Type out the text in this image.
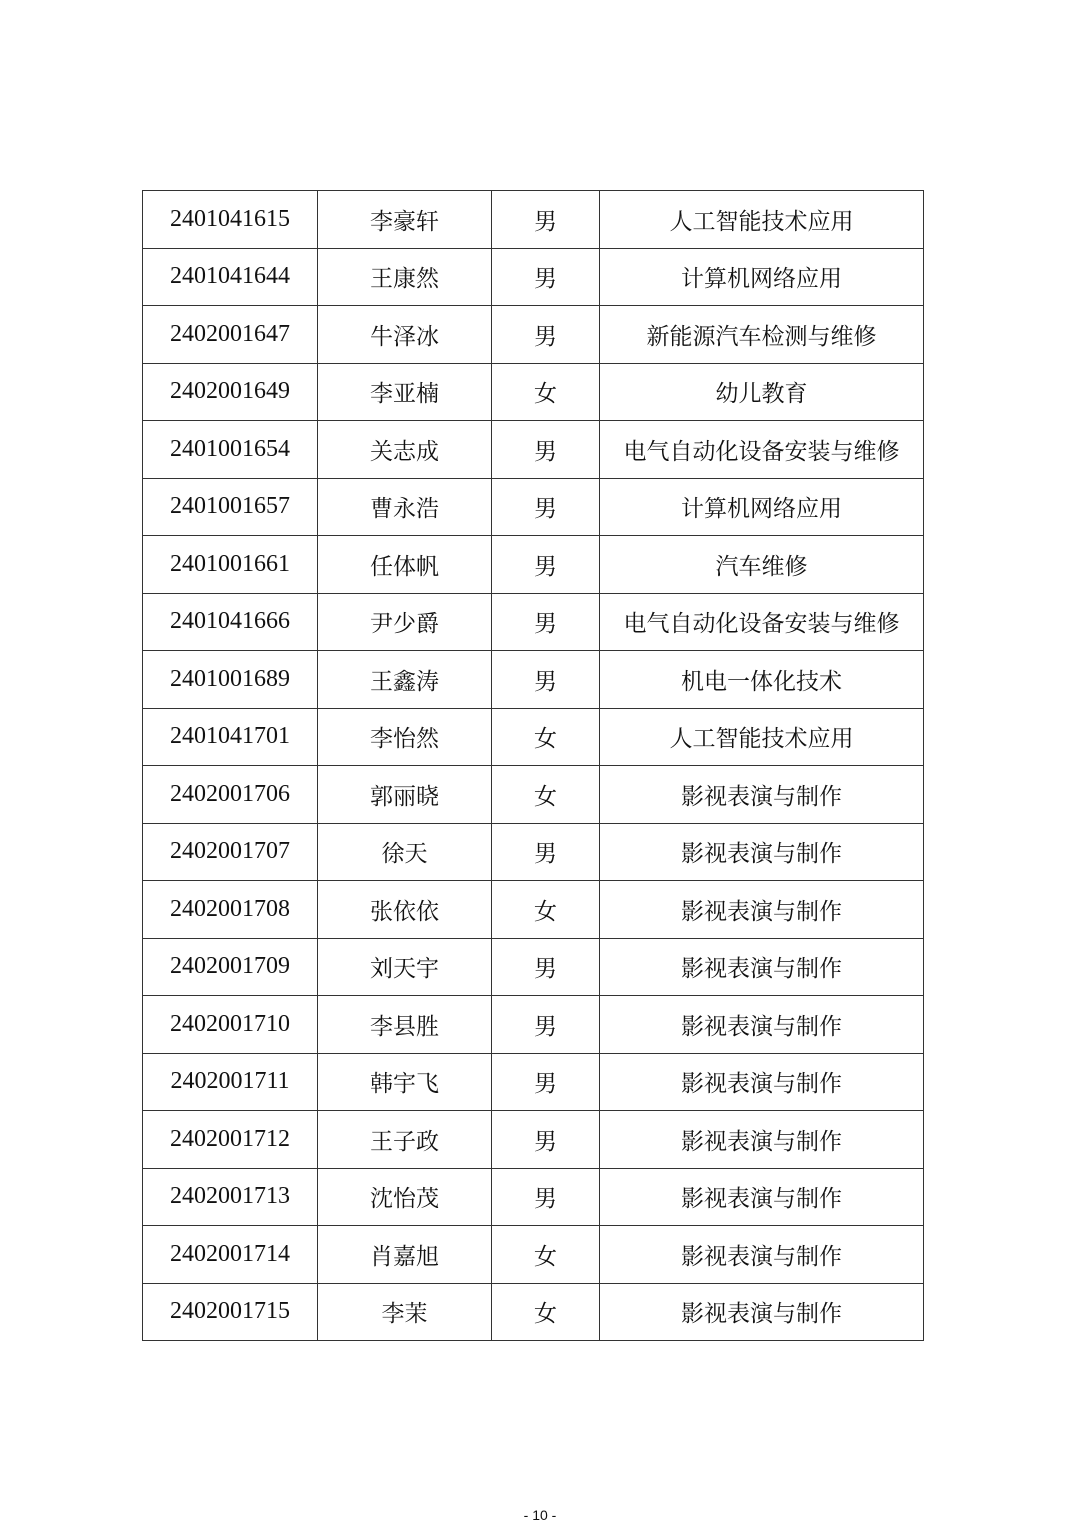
2401041615	李豪轩	男	人工智能技术应用
2401041644	王康然	男	计算机网络应用
2402001647	牛泽冰	男	新能源汽车检测与维修
2402001649	李亚楠	女	幼儿教育
2401001654	关志成	男	电气自动化设备安装与维修
2401001657	曹永浩	男	计算机网络应用
2401001661	任体帆	男	汽车维修
2401041666	尹少爵	男	电气自动化设备安装与维修
2401001689	王鑫涛	男	机电一体化技术
2401041701	李怡然	女	人工智能技术应用
2402001706	郭丽晓	女	影视表演与制作
2402001707	徐天	男	影视表演与制作
2402001708	张依依	女	影视表演与制作
2402001709	刘天宇	男	影视表演与制作
2402001710	李县胜	男	影视表演与制作
2402001711	韩宇飞	男	影视表演与制作
2402001712	王子政	男	影视表演与制作
2402001713	沈怡茂	男	影视表演与制作
2402001714	肖嘉旭	女	影视表演与制作
2402001715	李茉	女	影视表演与制作
- 10 -
